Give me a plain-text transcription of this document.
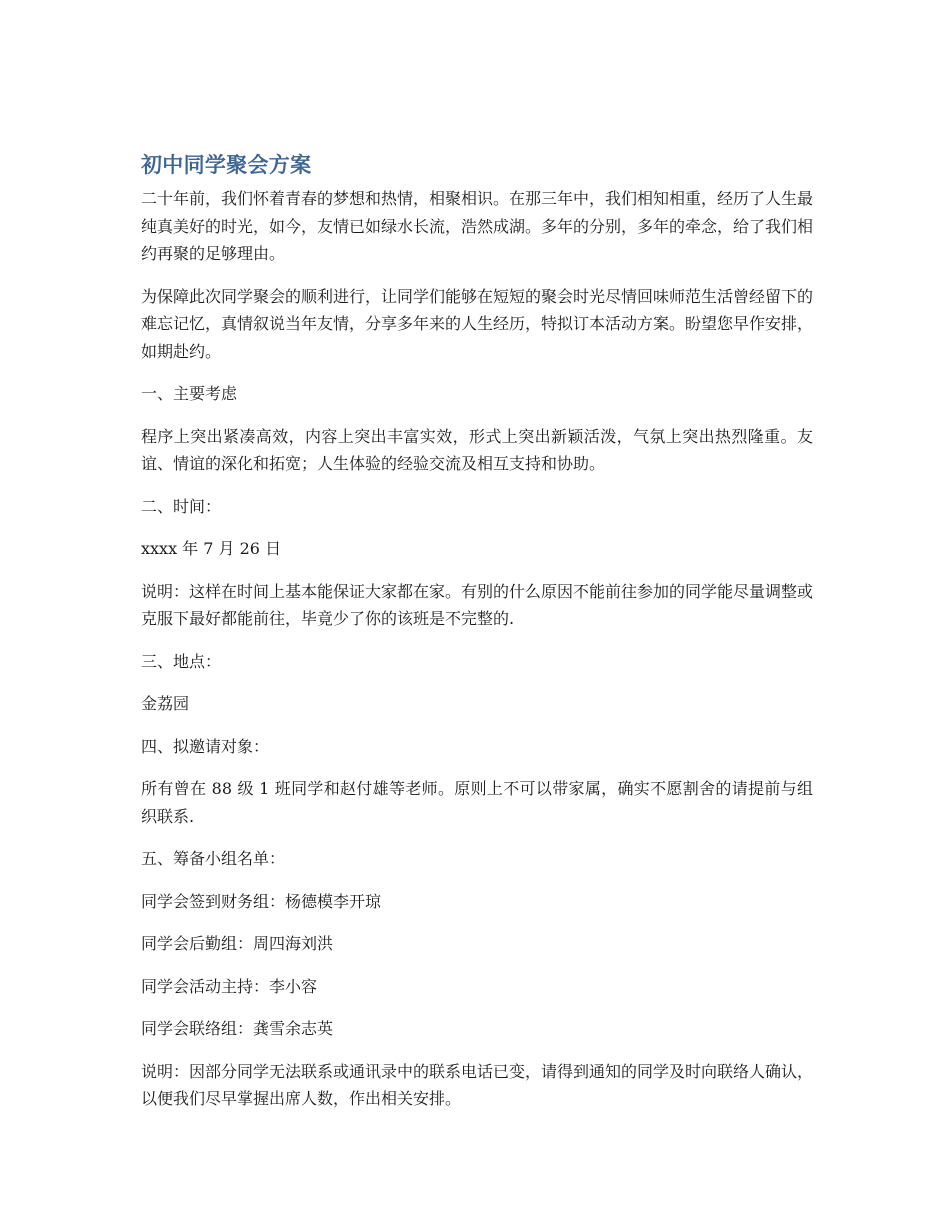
初中同学聚会方案

二十年前，我们怀着青春的梦想和热情，相聚相识。在那三年中，我们相知相重，经历了人生最纯真美好的时光，如今，友情已如绿水长流，浩然成湖。多年的分别，多年的牵念，给了我们相约再聚的足够理由。

为保障此次同学聚会的顺利进行，让同学们能够在短短的聚会时光尽情回味师范生活曾经留下的难忘记忆，真情叙说当年友情，分享多年来的人生经历，特拟订本活动方案。盼望您早作安排，如期赴约。

一、主要考虑

程序上突出紧凑高效，内容上突出丰富实效，形式上突出新颖活泼，气氛上突出热烈隆重。友谊、情谊的深化和拓宽；人生体验的经验交流及相互支持和协助。

二、时间：

xxxx 年 7 月 26 日

说明：这样在时间上基本能保证大家都在家。有别的什么原因不能前往参加的同学能尽量调整或克服下最好都能前往，毕竟少了你的该班是不完整的.

三、地点：

金荔园

四、拟邀请对象：

所有曾在 88 级 1 班同学和赵付雄等老师。原则上不可以带家属，确实不愿割舍的请提前与组织联系.

五、筹备小组名单：

同学会签到财务组：杨德模李开琼

同学会后勤组：周四海刘洪

同学会活动主持：李小容

同学会联络组：龚雪余志英

说明：因部分同学无法联系或通讯录中的联系电话已变，请得到通知的同学及时向联络人确认，以便我们尽早掌握出席人数，作出相关安排。
